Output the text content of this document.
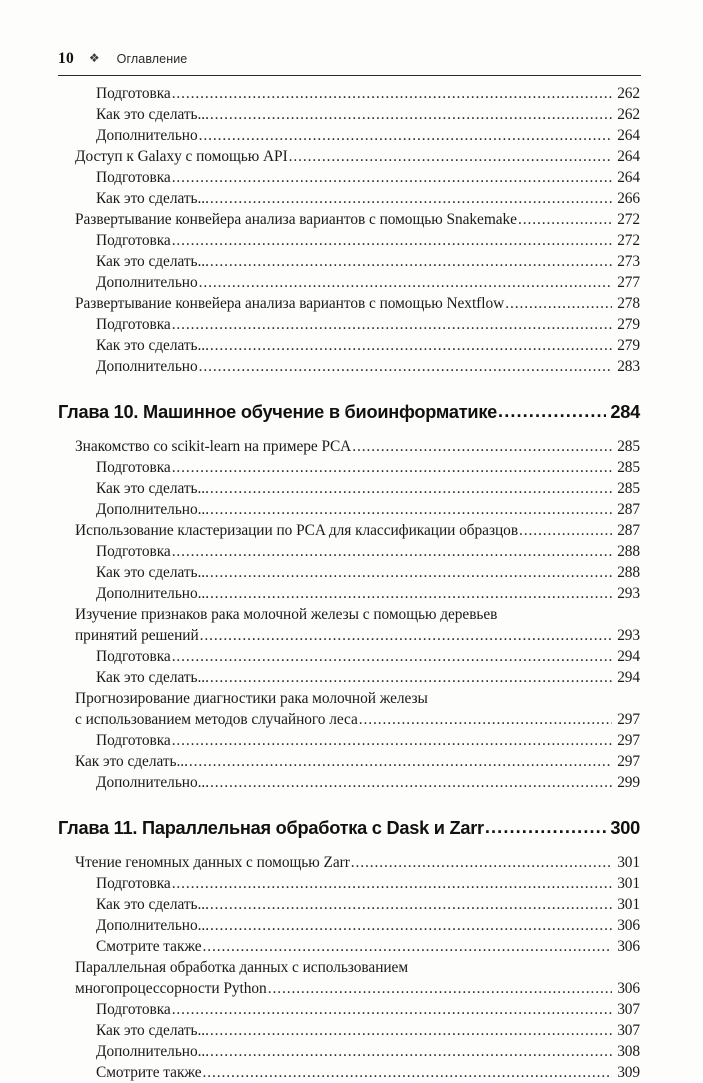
10 ❖ Оглавление
Подготовка .....	262
Как это сделать... .....	262
Дополнительно .....	264
Доступ к Galaxy с помощью API .....	264
Подготовка .....	264
Как это сделать... .....	266
Развертывание конвейера анализа вариантов с помощью Snakemake .....	272
Подготовка .....	272
Как это сделать... .....	273
Дополнительно .....	277
Развертывание конвейера анализа вариантов с помощью Nextflow .....	278
Подготовка .....	279
Как это сделать... .....	279
Дополнительно .....	283
Глава 10. Машинное обучение в биоинформатике .....	284
Знакомство со scikit-learn на примере PCA .....	285
Подготовка .....	285
Как это сделать... .....	285
Дополнительно... .....	287
Использование кластеризации по PCA для классификации образцов .....	287
Подготовка .....	288
Как это сделать... .....	288
Дополнительно... .....	293
Изучение признаков рака молочной железы с помощью деревьев
принятий решений .....	293
Подготовка .....	294
Как это сделать... .....	294
Прогнозирование диагностики рака молочной железы
с использованием методов случайного леса .....	297
Подготовка .....	297
Как это сделать... .....	297
Дополнительно... .....	299
Глава 11. Параллельная обработка с Dask и Zarr .....	300
Чтение геномных данных с помощью Zarr .....	301
Подготовка .....	301
Как это сделать... .....	301
Дополнительно... .....	306
Смотрите также .....	306
Параллельная обработка данных с использованием
многопроцессорности Python .....	306
Подготовка .....	307
Как это сделать... .....	307
Дополнительно... .....	308
Смотрите также .....	309
